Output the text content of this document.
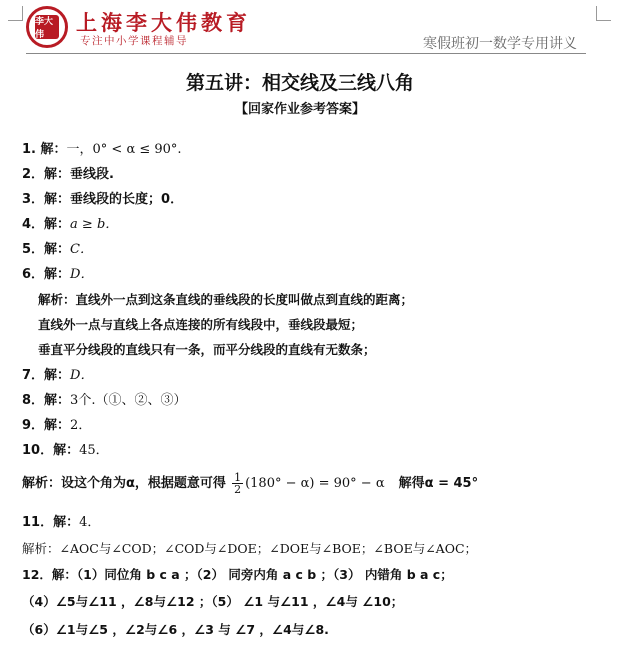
李大伟	上海李大伟教育
专注中小学课程辅导	寒假班初一数学专用讲义
第五讲：相交线及三线八角
【回家作业参考答案】
1. 解：一，0° < α ≤ 90°.
2．解：垂线段.
3．解：垂线段的长度；0．
4．解：a ≥ b．
5．解：C．
6．解：D．
解析：直线外一点到这条直线的垂线段的长度叫做点到直线的距离；
直线外一点与直线上各点连接的所有线段中，垂线段最短；
垂直平分线段的直线只有一条，而平分线段的直线有无数条；
7．解：D．
8．解：3个.（①、②、③）
9．解：2．
10．解：45．
解析：设这个角为α，根据题意可得 $\frac{1}{2} (180^\circ - \alpha) = 90^\circ - \alpha$ 解得α = 45°
11．解：4．
解析：∠AOC与∠COD；∠COD与∠DOE；∠DOE与∠BOE；∠BOE与∠AOC；
12．解：（1）同位角 b c a ；（2） 同旁内角 a c b ；（3） 内错角 b a c；
（4）∠5与∠11 ，∠8与∠12 ；（5） ∠1 与∠11 ，∠4与 ∠10；
（6）∠1与∠5 ，∠2与∠6 ，∠3 与 ∠7 ，∠4与∠8.
